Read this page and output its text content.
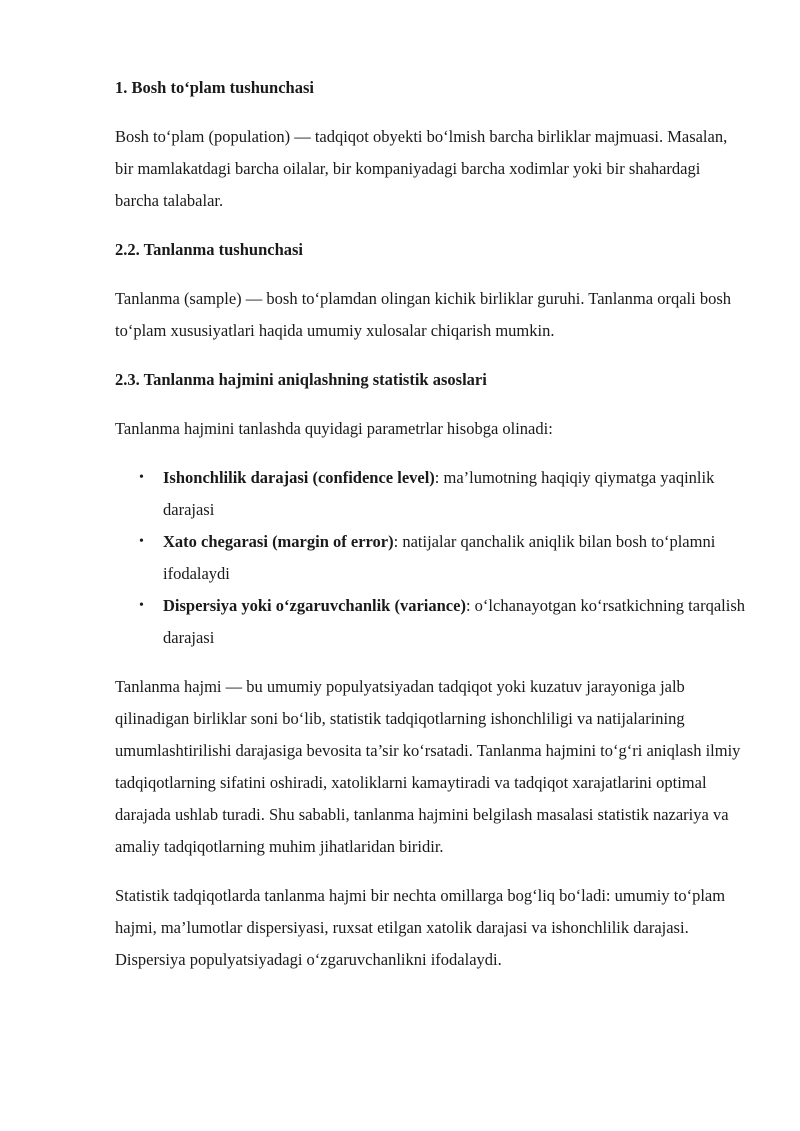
1. Bosh to‘plam tushunchasi

Bosh to‘plam (population) — tadqiqot obyekti bo‘lmish barcha birliklar majmuasi. Masalan, bir mamlakatdagi barcha oilalar, bir kompaniyadagi barcha xodimlar yoki bir shahardagi barcha talabalar.

2.2. Tanlanma tushunchasi

Tanlanma (sample) — bosh to‘plamdan olingan kichik birliklar guruhi. Tanlanma orqali bosh to‘plam xususiyatlari haqida umumiy xulosalar chiqarish mumkin.

2.3. Tanlanma hajmini aniqlashning statistik asoslari

Tanlanma hajmini tanlashda quyidagi parametrlar hisobga olinadi:

• Ishonchlilik darajasi (confidence level): ma’lumotning haqiqiy qiymatga yaqinlik darajasi
• Xato chegarasi (margin of error): natijalar qanchalik aniqlik bilan bosh to‘plamni ifodalaydi
• Dispersiya yoki o‘zgaruvchanlik (variance): o‘lchanayotgan ko‘rsatkichning tarqalish darajasi

Tanlanma hajmi — bu umumiy populyatsiyadan tadqiqot yoki kuzatuv jarayoniga jalb qilinadigan birliklar soni bo‘lib, statistik tadqiqotlarning ishonchliligi va natijalarining umumlashtirilishi darajasiga bevosita ta’sir ko‘rsatadi. Tanlanma hajmini to‘g‘ri aniqlash ilmiy tadqiqotlarning sifatini oshiradi, xatoliklarni kamaytiradi va tadqiqot xarajatlarini optimal darajada ushlab turadi. Shu sababli, tanlanma hajmini belgilash masalasi statistik nazariya va amaliy tadqiqotlarning muhim jihatlaridan biridir.

Statistik tadqiqotlarda tanlanma hajmi bir nechta omillarga bog‘liq bo‘ladi: umumiy to‘plam hajmi, ma’lumotlar dispersiyasi, ruxsat etilgan xatolik darajasi va ishonchlilik darajasi. Dispersiya populyatsiyadagi o‘zgaruvchanlikni ifodalaydi.
